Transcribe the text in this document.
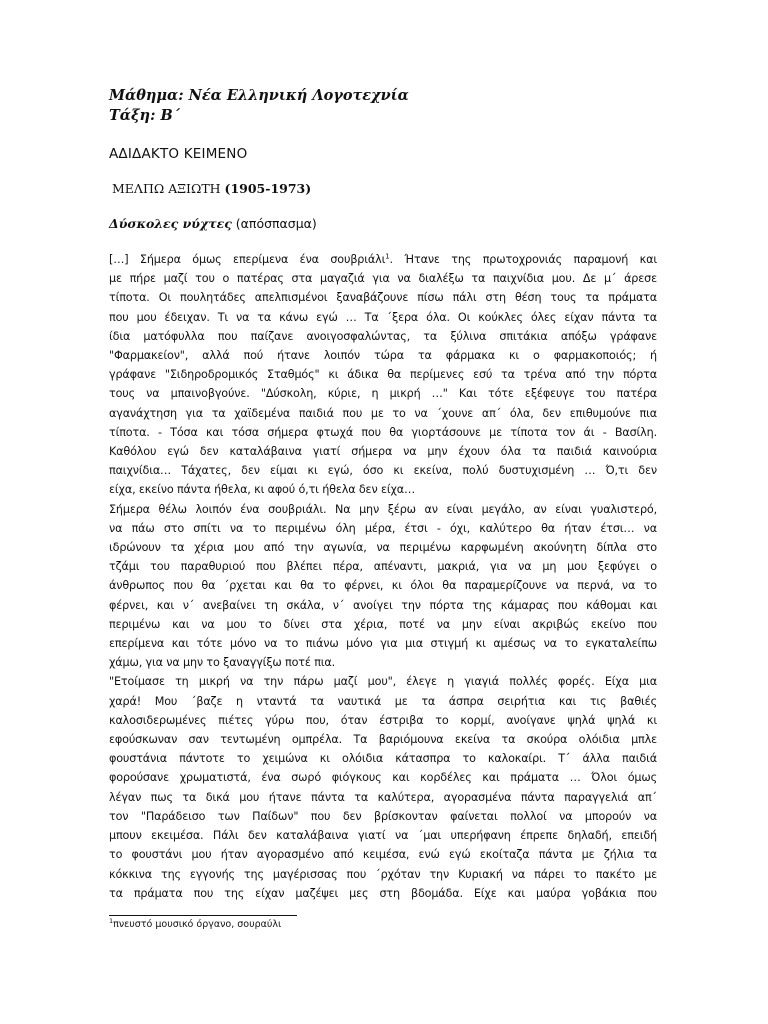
Μάθημα: Νέα Ελληνική Λογοτεχνία

Τάξη: Β΄

ΑΔΙΔΑΚΤΟ ΚΕΙΜΕΝΟ

ΜΕΛΠΩ ΑΞΙΩΤΗ (1905-1973)

Δύσκολες νύχτες (απόσπασμα)

[…] Σήμερα όμως επερίμενα ένα σουβριάλι$^1$. Ήτανε της πρωτοχρονιάς παραμονή και
με πήρε μαζί του ο πατέρας στα μαγαζιά για να διαλέξω τα παιχνίδια μου. Δε μ΄ άρεσε
τίποτα. Οι πουλητάδες απελπισμένοι ξαναβάζουνε πίσω πάλι στη θέση τους τα πράματα
που μου έδειχαν. Τι να τα κάνω εγώ … Τα ΄ξερα όλα. Οι κούκλες όλες είχαν πάντα τα
ίδια ματόφυλλα που παίζανε ανοιγοσφαλώντας, τα ξύλινα σπιτάκια απόξω γράφανε
"Φαρμακείον", αλλά πού ήτανε λοιπόν τώρα τα φάρμακα κι ο φαρμακοποιός; ή
γράφανε "Σιδηροδρομικός Σταθμός" κι άδικα θα περίμενες εσύ τα τρένα από την πόρτα
τους να μπαινοβγούνε. "Δύσκολη, κύριε, η μικρή …" Και τότε εξέφευγε του πατέρα
αγανάχτηση για τα χαϊδεμένα παιδιά που με το να ΄χουνε απ΄ όλα, δεν επιθυμούνε πια
τίποτα. - Τόσα και τόσα σήμερα φτωχά που θα γιορτάσουνε με τίποτα τον άι - Βασίλη.
Καθόλου εγώ δεν καταλάβαινα γιατί σήμερα να μην έχουν όλα τα παιδιά καινούρια
παιχνίδια… Τάχατες, δεν είμαι κι εγώ, όσο κι εκείνα, πολύ δυστυχισμένη … Ό,τι δεν
είχα, εκείνο πάντα ήθελα, κι αφού ό,τι ήθελα δεν είχα…
Σήμερα θέλω λοιπόν ένα σουβριάλι. Να μην ξέρω αν είναι μεγάλο, αν είναι γυαλιστερό,
να πάω στο σπίτι να το περιμένω όλη μέρα, έτσι - όχι, καλύτερο θα ήταν έτσι… να
ιδρώνουν τα χέρια μου από την αγωνία, να περιμένω καρφωμένη ακούνητη δίπλα στο
τζάμι του παραθυριού που βλέπει πέρα, απέναντι, μακριά, για να μη μου ξεφύγει ο
άνθρωπος που θα ΄ρχεται και θα το φέρνει, κι όλοι θα παραμερίζουνε να περνά, να το
φέρνει, και ν΄ ανεβαίνει τη σκάλα, ν΄ ανοίγει την πόρτα της κάμαρας που κάθομαι και
περιμένω και να μου το δίνει στα χέρια, ποτέ να μην είναι ακριβώς εκείνο που
επερίμενα και τότε μόνο να το πιάνω μόνο για μια στιγμή κι αμέσως να το εγκαταλείπω
χάμω, για να μην το ξαναγγίξω ποτέ πια.
"Ετοίμασε τη μικρή να την πάρω μαζί μου", έλεγε η γιαγιά πολλές φορές. Είχα μια
χαρά! Μου ΄βαζε η νταντά τα ναυτικά με τα άσπρα σειρήτια και τις βαθιές
καλοσιδερωμένες πιέτες γύρω που, όταν έστριβα το κορμί, ανοίγανε ψηλά ψηλά κι
εφούσκωναν σαν τεντωμένη ομπρέλα. Τα βαριόμουνα εκείνα τα σκούρα ολόιδια μπλε
φουστάνια πάντοτε το χειμώνα κι ολόιδια κάτασπρα το καλοκαίρι. Τ΄ άλλα παιδιά
φορούσανε χρωματιστά, ένα σωρό φιόγκους και κορδέλες και πράματα … Όλοι όμως
λέγαν πως τα δικά μου ήτανε πάντα τα καλύτερα, αγορασμένα πάντα παραγγελιά απ΄
τον "Παράδεισο των Παίδων" που δεν βρίσκονταν φαίνεται πολλοί να μπορούν να
μπουν εκειμέσα. Πάλι δεν καταλάβαινα γιατί να ΄μαι υπερήφανη έπρεπε δηλαδή, επειδή
το φουστάνι μου ήταν αγορασμένο από κειμέσα, ενώ εγώ εκοίταζα πάντα με ζήλια τα
κόκκινα της εγγονής της μαγέρισσας που ΄ρχόταν την Κυριακή να πάρει το πακέτο με
τα πράματα που της είχαν μαζέψει μες στη βδομάδα. Είχε και μαύρα γοβάκια που
$^1$πνευστό μουσικό όργανο, σουραύλι
